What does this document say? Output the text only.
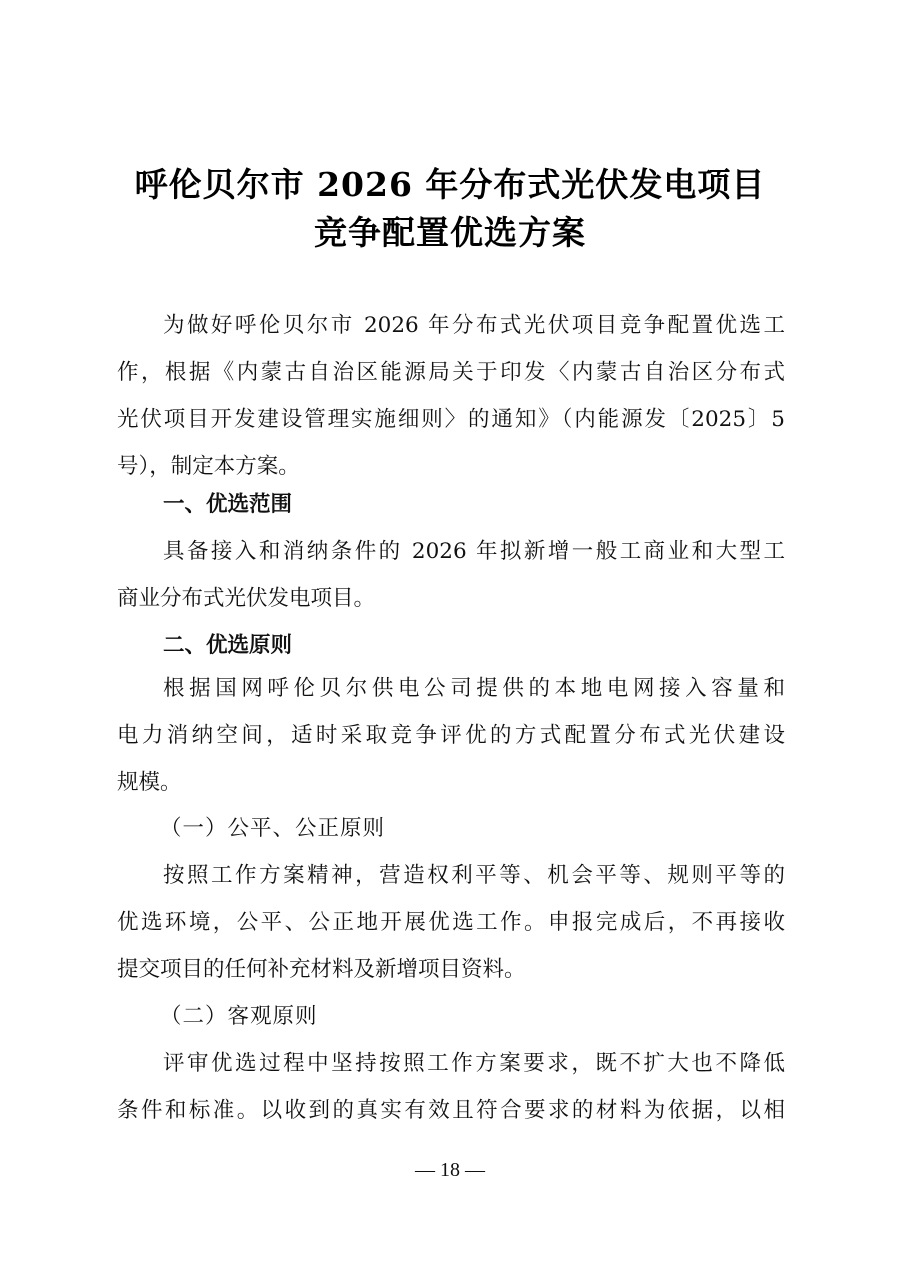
呼伦贝尔市 2026 年分布式光伏发电项目
竞争配置优选方案
为做好呼伦贝尔市 2026 年分布式光伏项目竞争配置优选工
作，根据《内蒙古自治区能源局关于印发〈内蒙古自治区分布式
光伏项目开发建设管理实施细则〉的通知》（内能源发〔2025〕5
号），制定本方案。
一、优选范围
具备接入和消纳条件的 2026 年拟新增一般工商业和大型工
商业分布式光伏发电项目。
二、优选原则
根据国网呼伦贝尔供电公司提供的本地电网接入容量和
电力消纳空间，适时采取竞争评优的方式配置分布式光伏建设
规模。
（一）公平、公正原则
按照工作方案精神，营造权利平等、机会平等、规则平等的
优选环境，公平、公正地开展优选工作。申报完成后，不再接收
提交项目的任何补充材料及新增项目资料。
（二）客观原则
评审优选过程中坚持按照工作方案要求，既不扩大也不降低
条件和标准。以收到的真实有效且符合要求的材料为依据，以相
— 18 —
